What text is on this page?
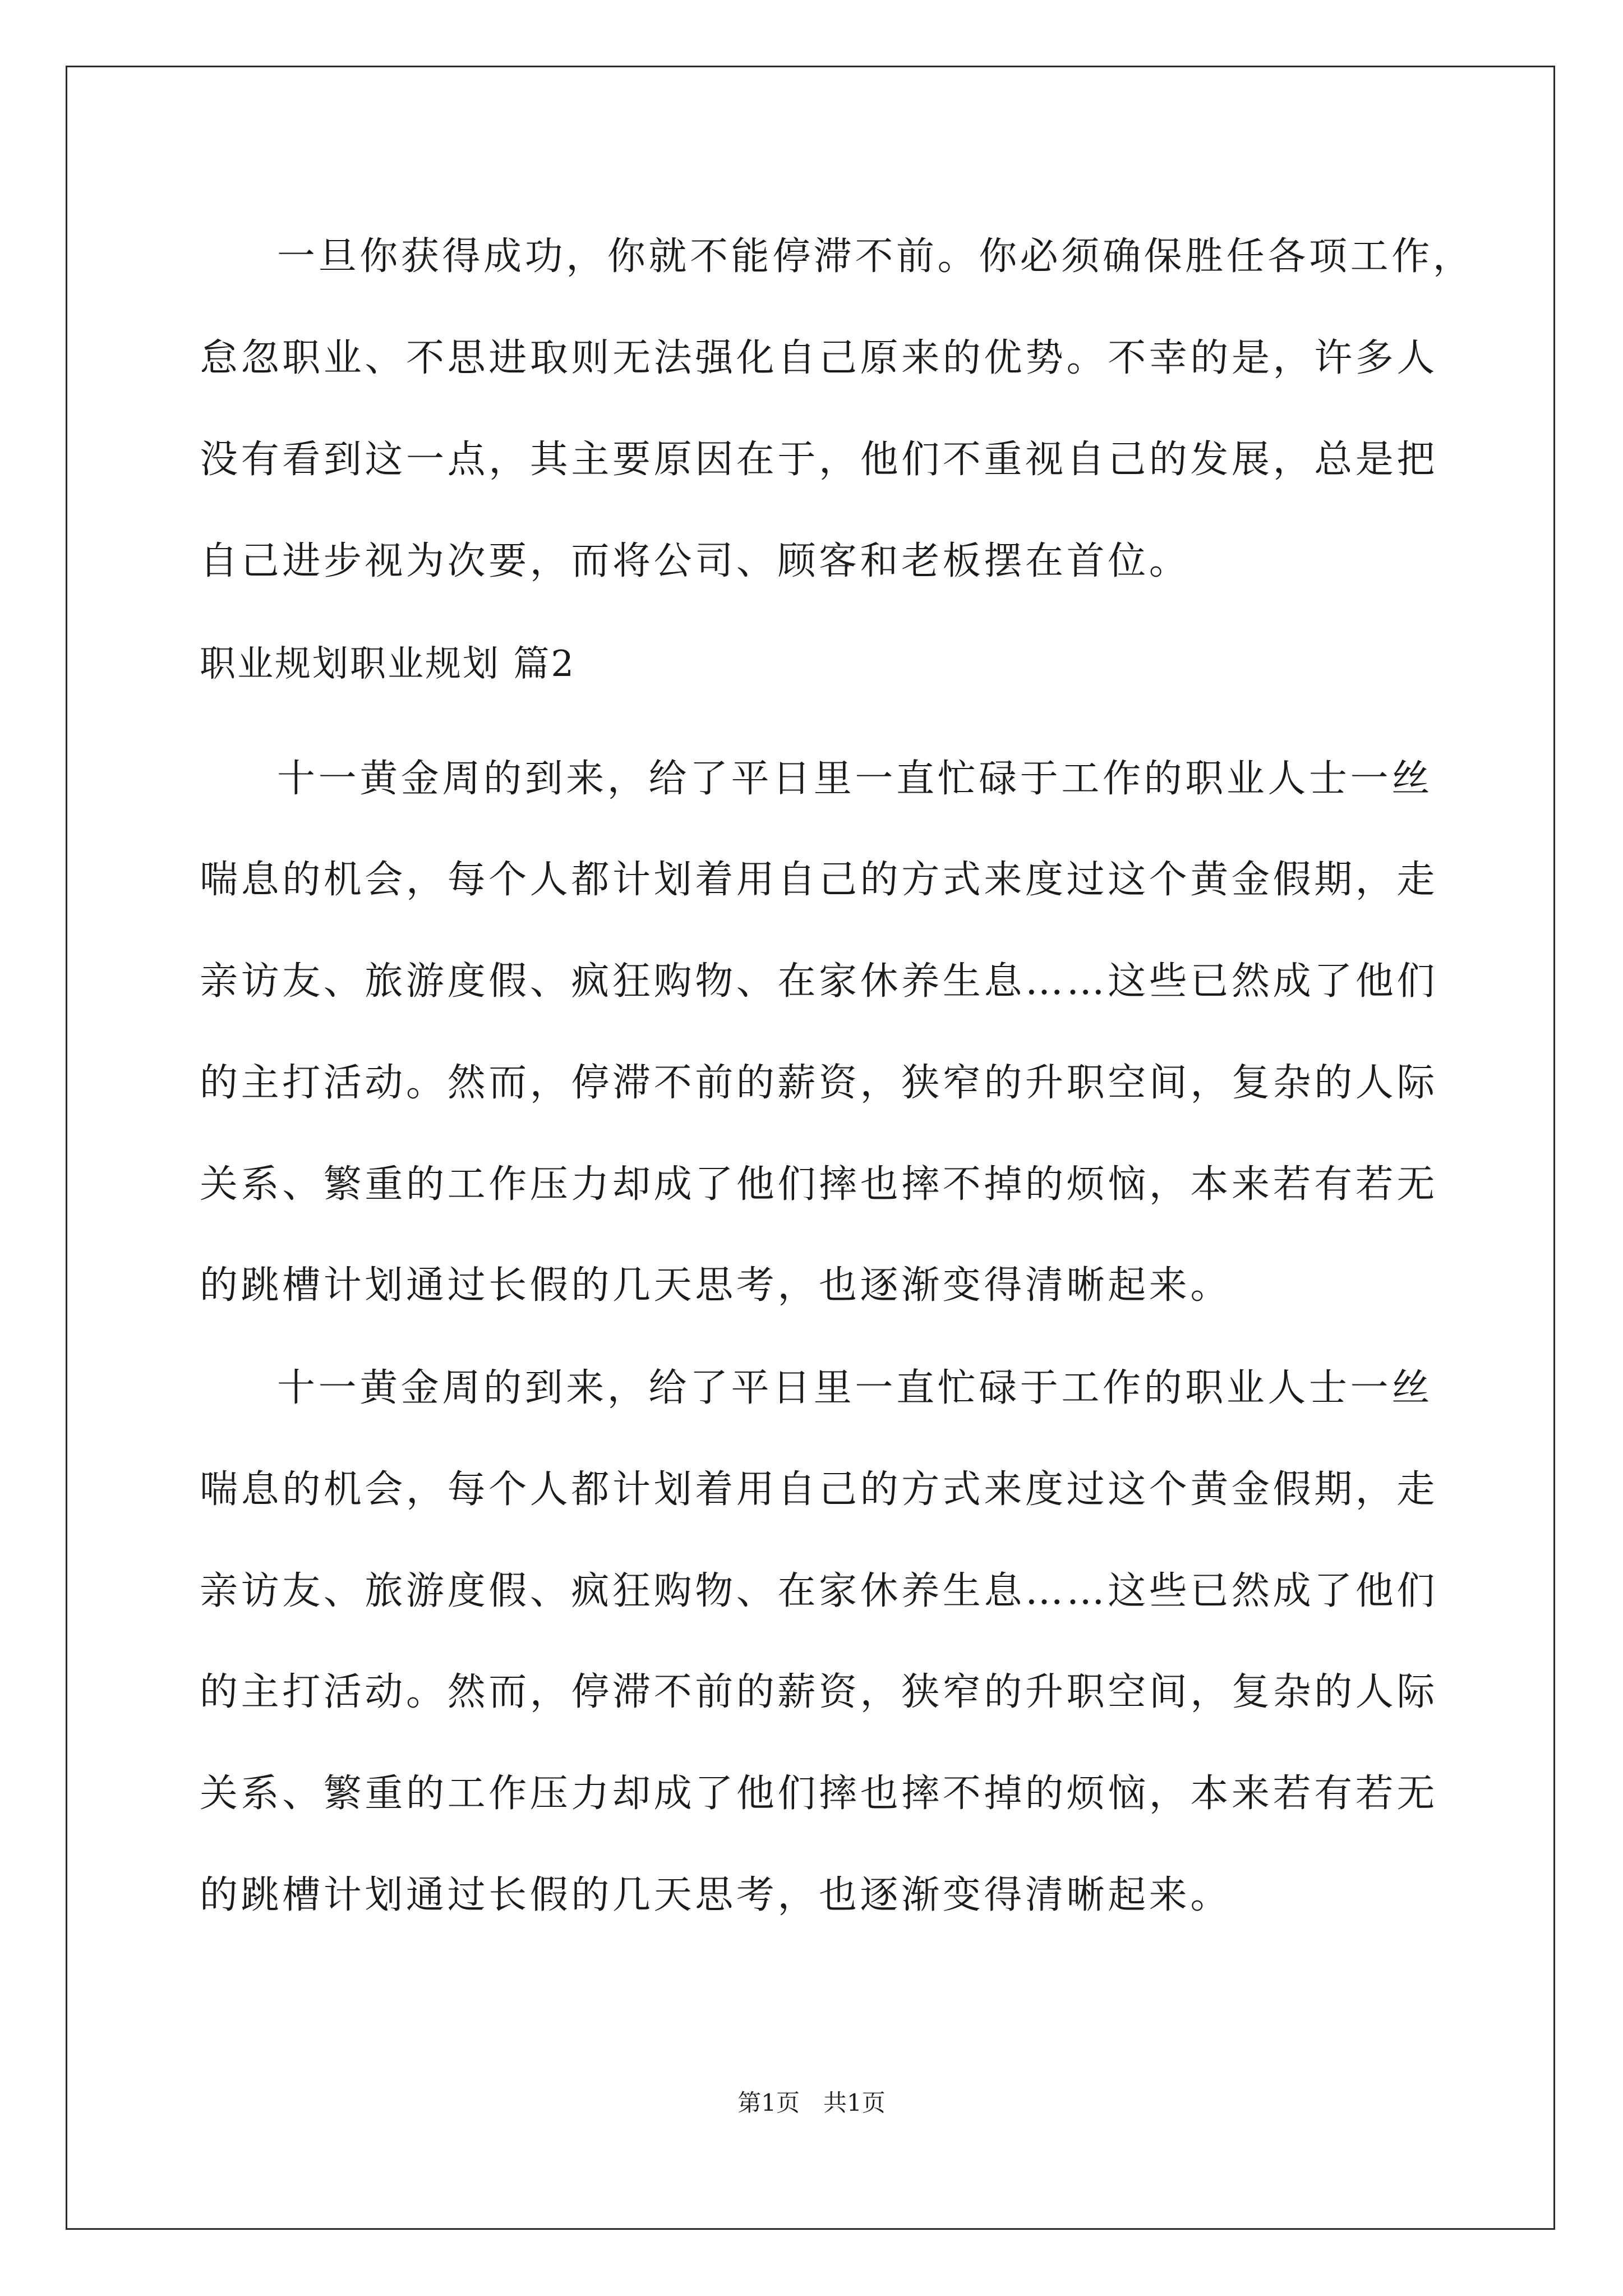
一旦你获得成功，你就不能停滞不前。你必须确保胜任各项工作，
怠忽职业、不思进取则无法强化自己原来的优势。不幸的是，许多人
没有看到这一点，其主要原因在于，他们不重视自己的发展，总是把
自己进步视为次要，而将公司、顾客和老板摆在首位。
职业规划职业规划 篇2
十一黄金周的到来，给了平日里一直忙碌于工作的职业人士一丝
喘息的机会，每个人都计划着用自己的方式来度过这个黄金假期，走
亲访友、旅游度假、疯狂购物、在家休养生息……这些已然成了他们
的主打活动。然而，停滞不前的薪资，狭窄的升职空间，复杂的人际
关系、繁重的工作压力却成了他们摔也摔不掉的烦恼，本来若有若无
的跳槽计划通过长假的几天思考，也逐渐变得清晰起来。
十一黄金周的到来，给了平日里一直忙碌于工作的职业人士一丝
喘息的机会，每个人都计划着用自己的方式来度过这个黄金假期，走
亲访友、旅游度假、疯狂购物、在家休养生息……这些已然成了他们
的主打活动。然而，停滞不前的薪资，狭窄的升职空间，复杂的人际
关系、繁重的工作压力却成了他们摔也摔不掉的烦恼，本来若有若无
的跳槽计划通过长假的几天思考，也逐渐变得清晰起来。
第1页 共1页
